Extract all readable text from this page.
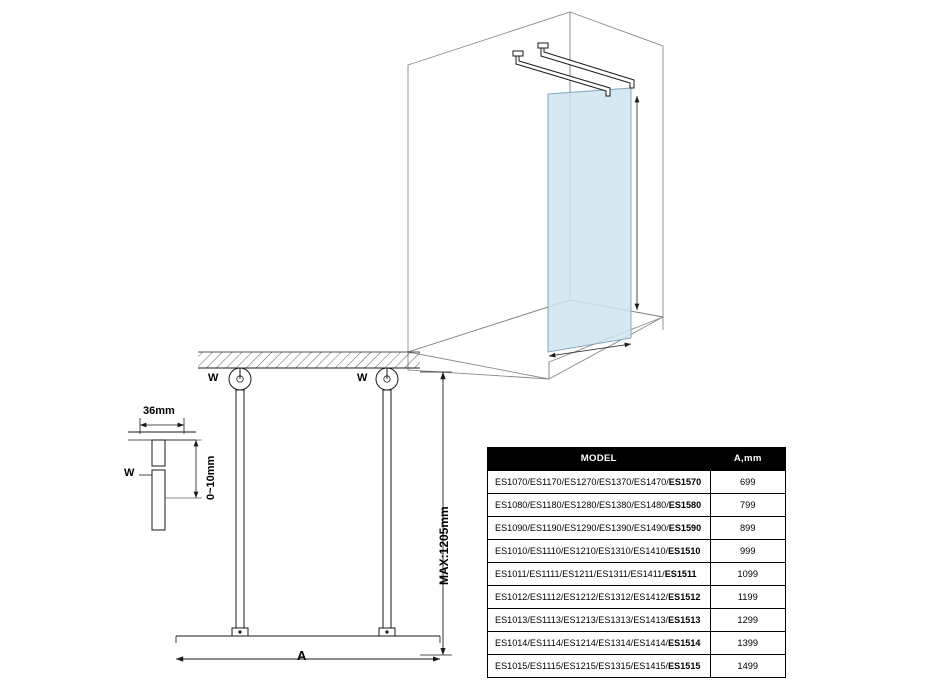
36mm
0~10mm
W
W	W
MAX:1205mm
A
MODEL	A,mm
ES1070/ES1170/ES1270/ES1370/ES1470/ES1570	699
ES1080/ES1180/ES1280/ES1380/ES1480/ES1580	799
ES1090/ES1190/ES1290/ES1390/ES1490/ES1590	899
ES1010/ES1110/ES1210/ES1310/ES1410/ES1510	999
ES1011/ES1111/ES1211/ES1311/ES1411/ES1511	1099
ES1012/ES1112/ES1212/ES1312/ES1412/ES1512	1199
ES1013/ES1113/ES1213/ES1313/ES1413/ES1513	1299
ES1014/ES1114/ES1214/ES1314/ES1414/ES1514	1399
ES1015/ES1115/ES1215/ES1315/ES1415/ES1515	1499
